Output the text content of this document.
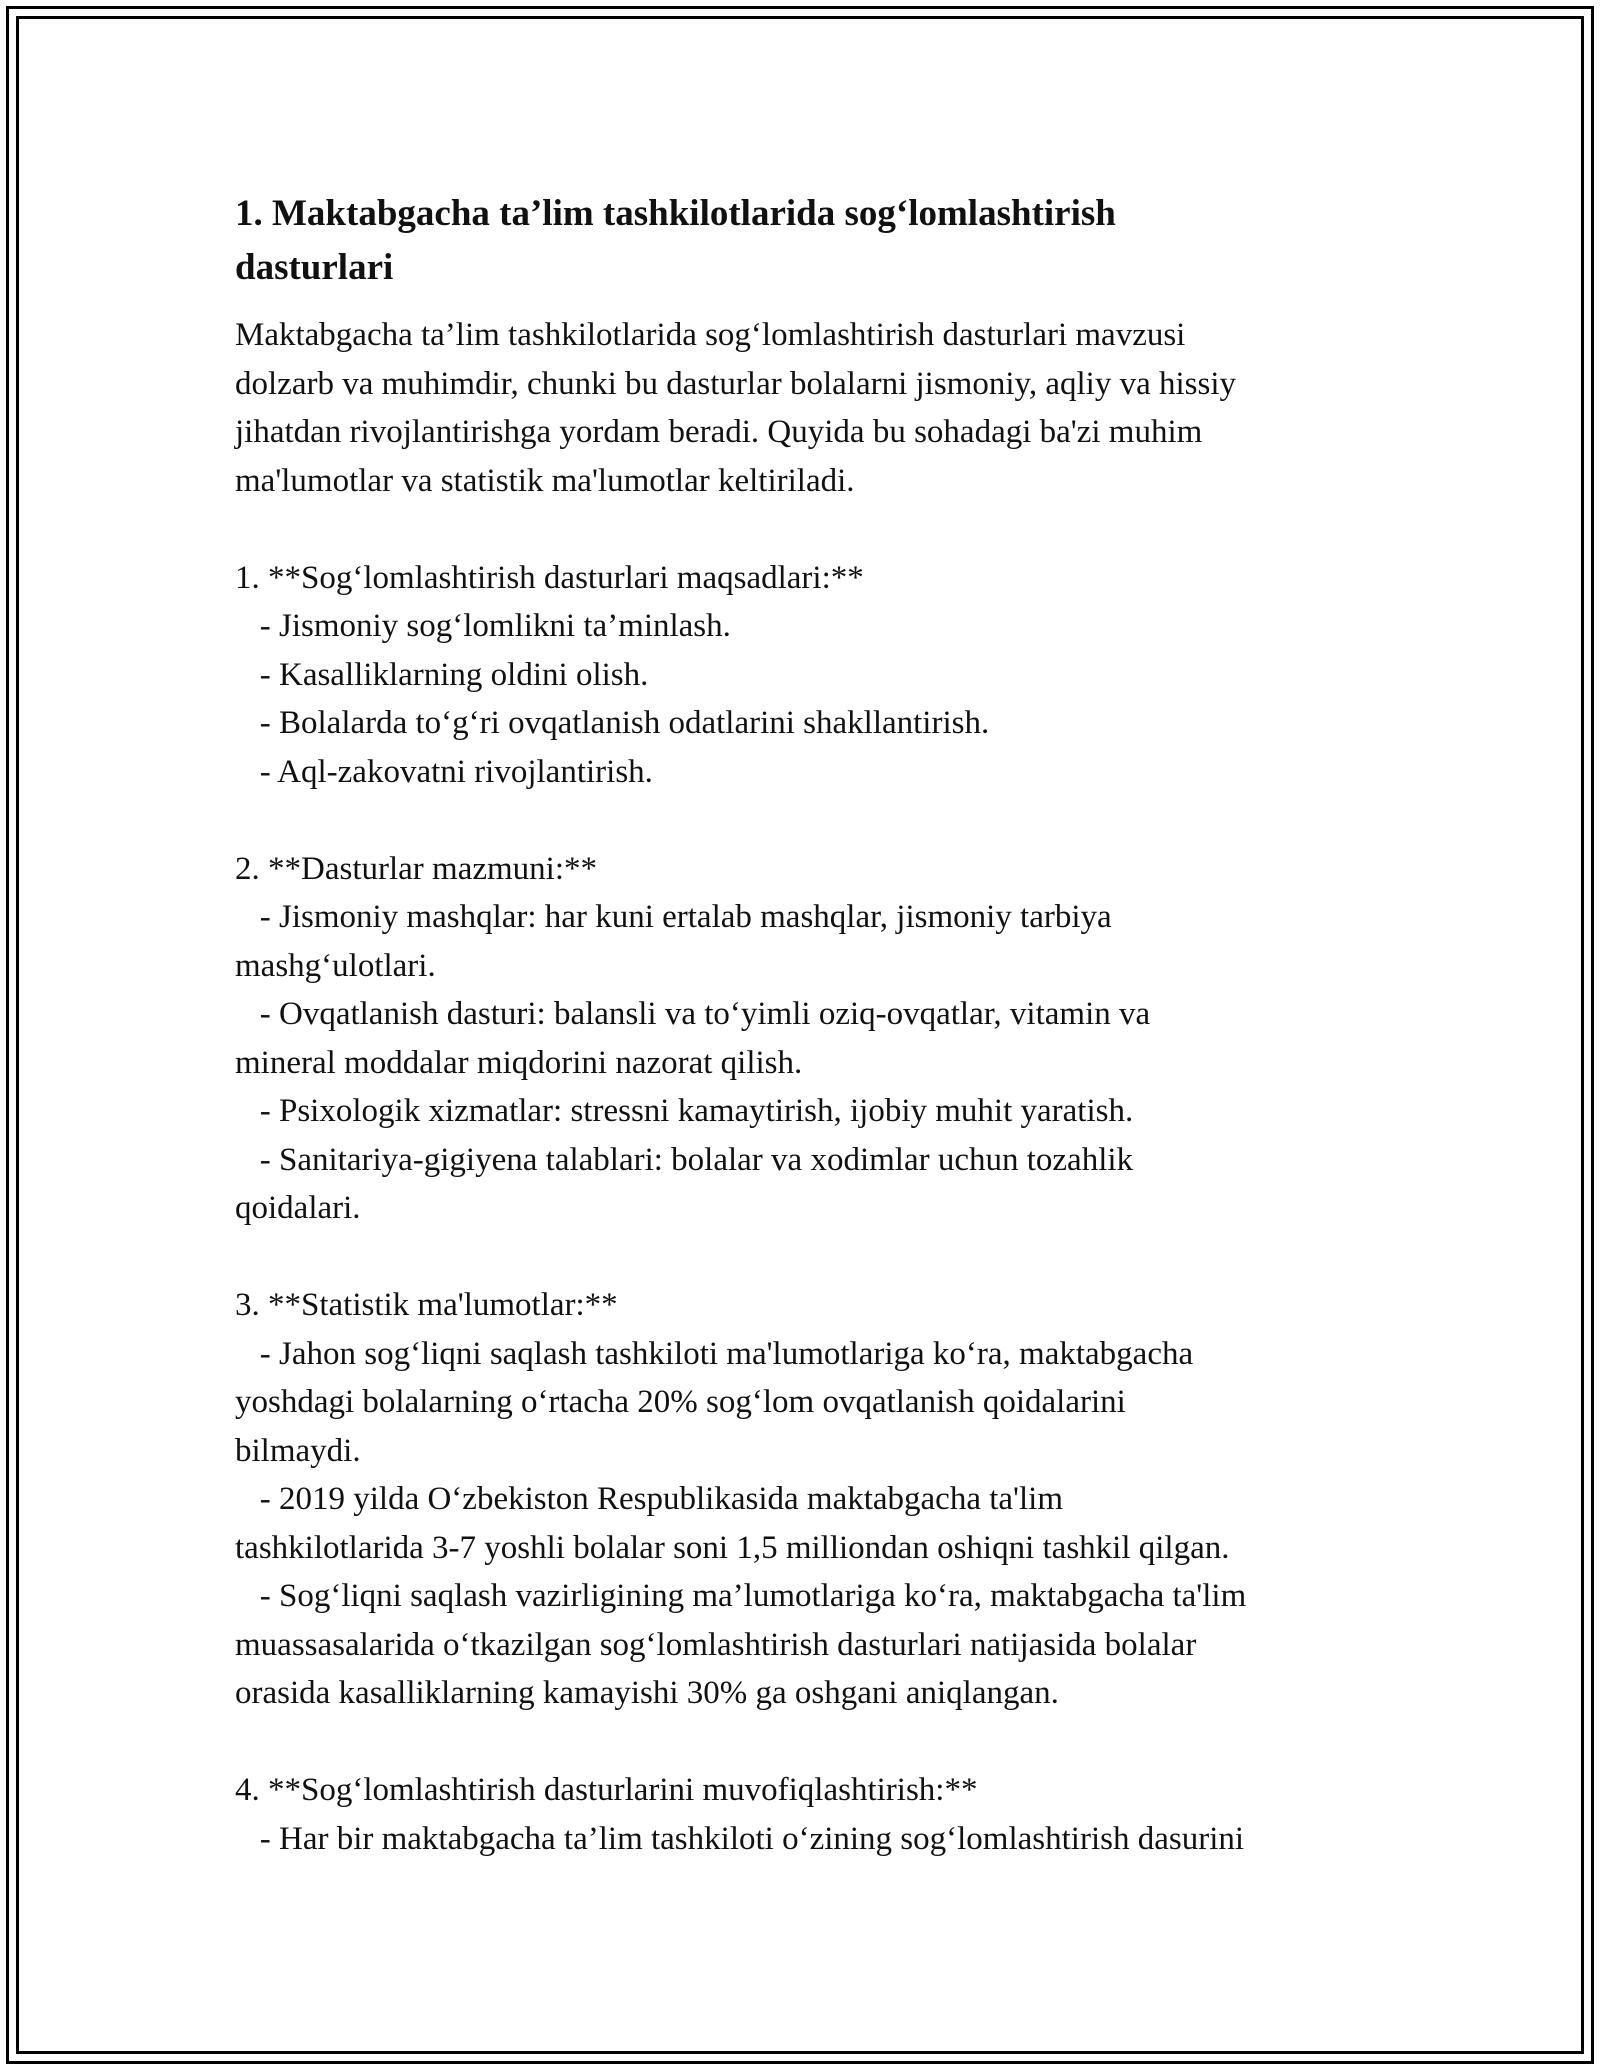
1. Maktabgacha ta’lim tashkilotlarida sog‘lomlashtirish
dasturlari
Maktabgacha ta’lim tashkilotlarida sog‘lomlashtirish dasturlari mavzusi
dolzarb va muhimdir, chunki bu dasturlar bolalarni jismoniy, aqliy va hissiy
jihatdan rivojlantirishga yordam beradi. Quyida bu sohadagi ba'zi muhim
ma'lumotlar va statistik ma'lumotlar keltiriladi.
1. **Sog‘lomlashtirish dasturlari maqsadlari:**
- Jismoniy sog‘lomlikni ta’minlash.
- Kasalliklarning oldini olish.
- Bolalarda to‘g‘ri ovqatlanish odatlarini shakllantirish.
- Aql-zakovatni rivojlantirish.
2. **Dasturlar mazmuni:**
- Jismoniy mashqlar: har kuni ertalab mashqlar, jismoniy tarbiya
mashg‘ulotlari.
- Ovqatlanish dasturi: balansli va to‘yimli oziq-ovqatlar, vitamin va
mineral moddalar miqdorini nazorat qilish.
- Psixologik xizmatlar: stressni kamaytirish, ijobiy muhit yaratish.
- Sanitariya-gigiyena talablari: bolalar va xodimlar uchun tozahlik
qoidalari.
3. **Statistik ma'lumotlar:**
- Jahon sog‘liqni saqlash tashkiloti ma'lumotlariga ko‘ra, maktabgacha
yoshdagi bolalarning o‘rtacha 20% sog‘lom ovqatlanish qoidalarini
bilmaydi.
- 2019 yilda O‘zbekiston Respublikasida maktabgacha ta'lim
tashkilotlarida 3-7 yoshli bolalar soni 1,5 milliondan oshiqni tashkil qilgan.
- Sog‘liqni saqlash vazirligining ma’lumotlariga ko‘ra, maktabgacha ta'lim
muassasalarida o‘tkazilgan sog‘lomlashtirish dasturlari natijasida bolalar
orasida kasalliklarning kamayishi 30% ga oshgani aniqlangan.
4. **Sog‘lomlashtirish dasturlarini muvofiqlashtirish:**
- Har bir maktabgacha ta’lim tashkiloti o‘zining sog‘lomlashtirish dasurini
